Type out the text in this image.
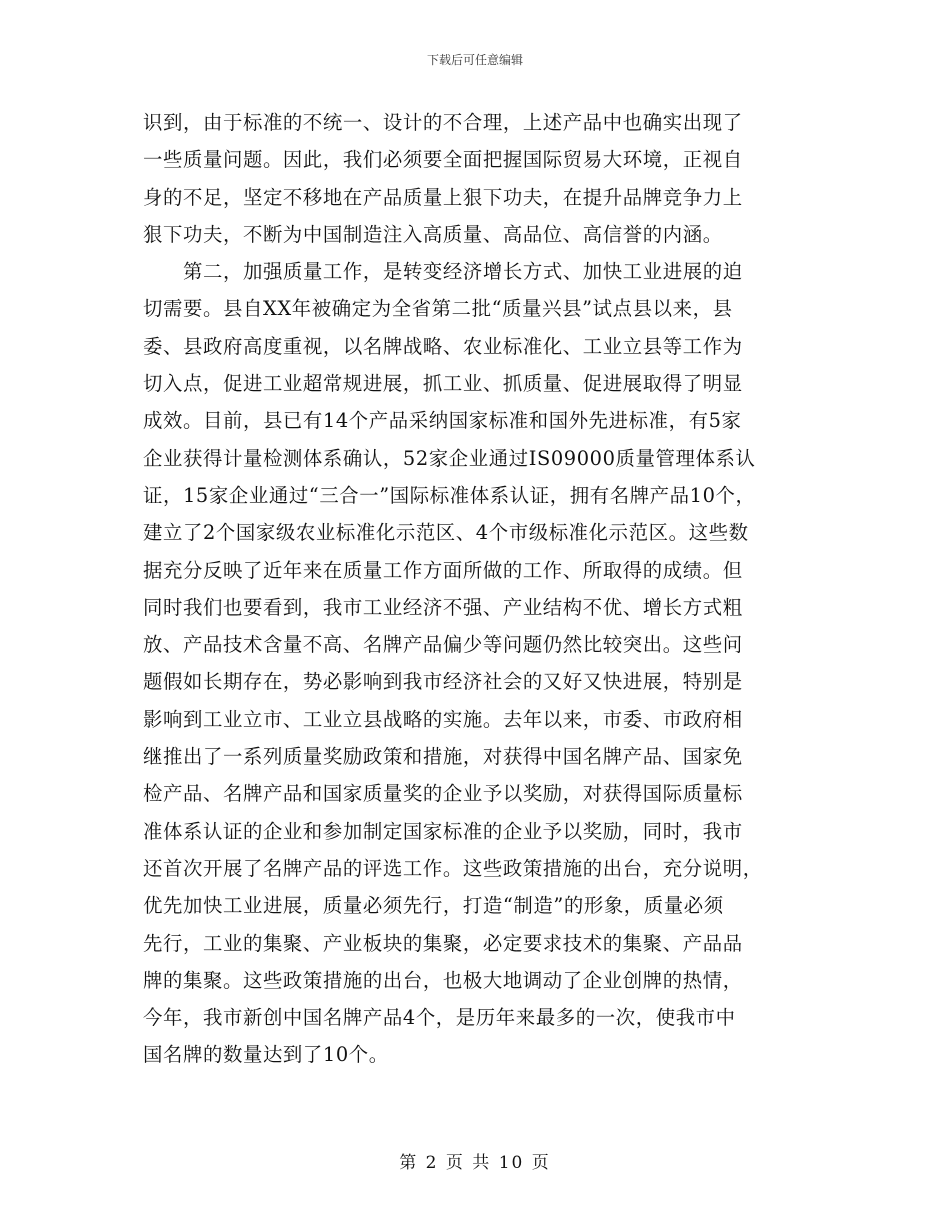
下载后可任意编辑
识到，由于标准的不统一、设计的不合理，上述产品中也确实出现了
一些质量问题。因此，我们必须要全面把握国际贸易大环境，正视自
身的不足，坚定不移地在产品质量上狠下功夫，在提升品牌竞争力上
狠下功夫，不断为中国制造注入高质量、高品位、高信誉的内涵。
第二，加强质量工作，是转变经济增长方式、加快工业进展的迫
切需要。县自XX年被确定为全省第二批“质量兴县”试点县以来，县
委、县政府高度重视，以名牌战略、农业标准化、工业立县等工作为
切入点，促进工业超常规进展，抓工业、抓质量、促进展取得了明显
成效。目前，县已有14个产品采纳国家标准和国外先进标准，有5家
企业获得计量检测体系确认，52家企业通过IS09000质量管理体系认
证，15家企业通过“三合一”国际标准体系认证，拥有名牌产品10个，
建立了2个国家级农业标准化示范区、4个市级标准化示范区。这些数
据充分反映了近年来在质量工作方面所做的工作、所取得的成绩。但
同时我们也要看到，我市工业经济不强、产业结构不优、增长方式粗
放、产品技术含量不高、名牌产品偏少等问题仍然比较突出。这些问
题假如长期存在，势必影响到我市经济社会的又好又快进展，特别是
影响到工业立市、工业立县战略的实施。去年以来，市委、市政府相
继推出了一系列质量奖励政策和措施，对获得中国名牌产品、国家免
检产品、名牌产品和国家质量奖的企业予以奖励，对获得国际质量标
准体系认证的企业和参加制定国家标准的企业予以奖励，同时，我市
还首次开展了名牌产品的评选工作。这些政策措施的出台，充分说明，
优先加快工业进展，质量必须先行，打造“制造”的形象，质量必须
先行，工业的集聚、产业板块的集聚，必定要求技术的集聚、产品品
牌的集聚。这些政策措施的出台，也极大地调动了企业创牌的热情，
今年，我市新创中国名牌产品4个，是历年来最多的一次，使我市中
国名牌的数量达到了10个。
第 2 页 共 10 页
